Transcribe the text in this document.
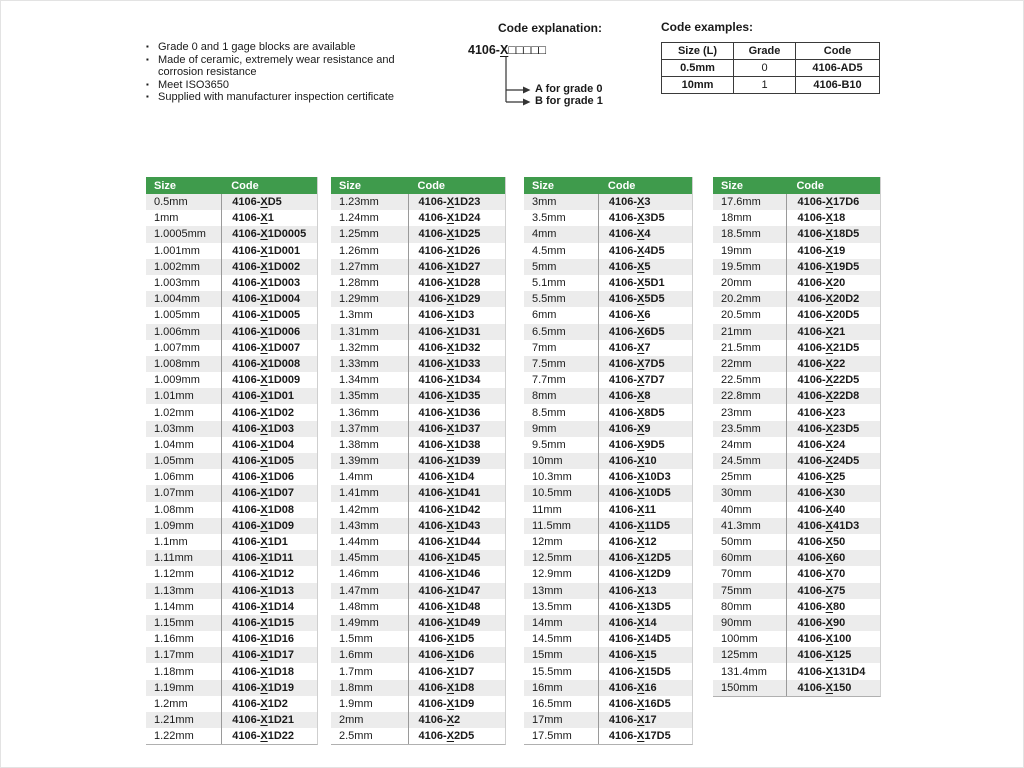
▪ Grade 0 and 1 gage blocks are available
▪ Made of ceramic, extremely wear resistance and corrosion resistance
▪ Meet ISO3650
▪ Supplied with manufacturer inspection certificate
Code explanation:
4106-X□□□□□
A for grade 0
B for grade 1
Code examples:
Size (L)	Grade	Code
0.5mm	0	4106-AD5
10mm	1	4106-B10
Size	Code
0.5mm	4106- X D5
1mm	4106- X 1
1.0005mm	4106- X 1D0005
1.001mm	4106- X 1D001
1.002mm	4106- X 1D002
1.003mm	4106- X 1D003
1.004mm	4106- X 1D004
1.005mm	4106- X 1D005
1.006mm	4106- X 1D006
1.007mm	4106- X 1D007
1.008mm	4106- X 1D008
1.009mm	4106- X 1D009
1.01mm	4106- X 1D01
1.02mm	4106- X 1D02
1.03mm	4106- X 1D03
1.04mm	4106- X 1D04
1.05mm	4106- X 1D05
1.06mm	4106- X 1D06
1.07mm	4106- X 1D07
1.08mm	4106- X 1D08
1.09mm	4106- X 1D09
1.1mm	4106- X 1D1
1.11mm	4106- X 1D11
1.12mm	4106- X 1D12
1.13mm	4106- X 1D13
1.14mm	4106- X 1D14
1.15mm	4106- X 1D15
1.16mm	4106- X 1D16
1.17mm	4106- X 1D17
1.18mm	4106- X 1D18
1.19mm	4106- X 1D19
1.2mm	4106- X 1D2
1.21mm	4106- X 1D21
1.22mm	4106- X 1D22
Size	Code
1.23mm	4106- X 1D23
1.24mm	4106- X 1D24
1.25mm	4106- X 1D25
1.26mm	4106- X 1D26
1.27mm	4106- X 1D27
1.28mm	4106- X 1D28
1.29mm	4106- X 1D29
1.3mm	4106- X 1D3
1.31mm	4106- X 1D31
1.32mm	4106- X 1D32
1.33mm	4106- X 1D33
1.34mm	4106- X 1D34
1.35mm	4106- X 1D35
1.36mm	4106- X 1D36
1.37mm	4106- X 1D37
1.38mm	4106- X 1D38
1.39mm	4106- X 1D39
1.4mm	4106- X 1D4
1.41mm	4106- X 1D41
1.42mm	4106- X 1D42
1.43mm	4106- X 1D43
1.44mm	4106- X 1D44
1.45mm	4106- X 1D45
1.46mm	4106- X 1D46
1.47mm	4106- X 1D47
1.48mm	4106- X 1D48
1.49mm	4106- X 1D49
1.5mm	4106- X 1D5
1.6mm	4106- X 1D6
1.7mm	4106- X 1D7
1.8mm	4106- X 1D8
1.9mm	4106- X 1D9
2mm	4106- X 2
2.5mm	4106- X 2D5
Size	Code
3mm	4106- X 3
3.5mm	4106- X 3D5
4mm	4106- X 4
4.5mm	4106- X 4D5
5mm	4106- X 5
5.1mm	4106- X 5D1
5.5mm	4106- X 5D5
6mm	4106- X 6
6.5mm	4106- X 6D5
7mm	4106- X 7
7.5mm	4106- X 7D5
7.7mm	4106- X 7D7
8mm	4106- X 8
8.5mm	4106- X 8D5
9mm	4106- X 9
9.5mm	4106- X 9D5
10mm	4106- X 10
10.3mm	4106- X 10D3
10.5mm	4106- X 10D5
11mm	4106- X 11
11.5mm	4106- X 11D5
12mm	4106- X 12
12.5mm	4106- X 12D5
12.9mm	4106- X 12D9
13mm	4106- X 13
13.5mm	4106- X 13D5
14mm	4106- X 14
14.5mm	4106- X 14D5
15mm	4106- X 15
15.5mm	4106- X 15D5
16mm	4106- X 16
16.5mm	4106- X 16D5
17mm	4106- X 17
17.5mm	4106- X 17D5
Size	Code
17.6mm	4106- X 17D6
18mm	4106- X 18
18.5mm	4106- X 18D5
19mm	4106- X 19
19.5mm	4106- X 19D5
20mm	4106- X 20
20.2mm	4106- X 20D2
20.5mm	4106- X 20D5
21mm	4106- X 21
21.5mm	4106- X 21D5
22mm	4106- X 22
22.5mm	4106- X 22D5
22.8mm	4106- X 22D8
23mm	4106- X 23
23.5mm	4106- X 23D5
24mm	4106- X 24
24.5mm	4106- X 24D5
25mm	4106- X 25
30mm	4106- X 30
40mm	4106- X 40
41.3mm	4106- X 41D3
50mm	4106- X 50
60mm	4106- X 60
70mm	4106- X 70
75mm	4106- X 75
80mm	4106- X 80
90mm	4106- X 90
100mm	4106- X 100
125mm	4106- X 125
131.4mm	4106- X 131D4
150mm	4106- X 150
